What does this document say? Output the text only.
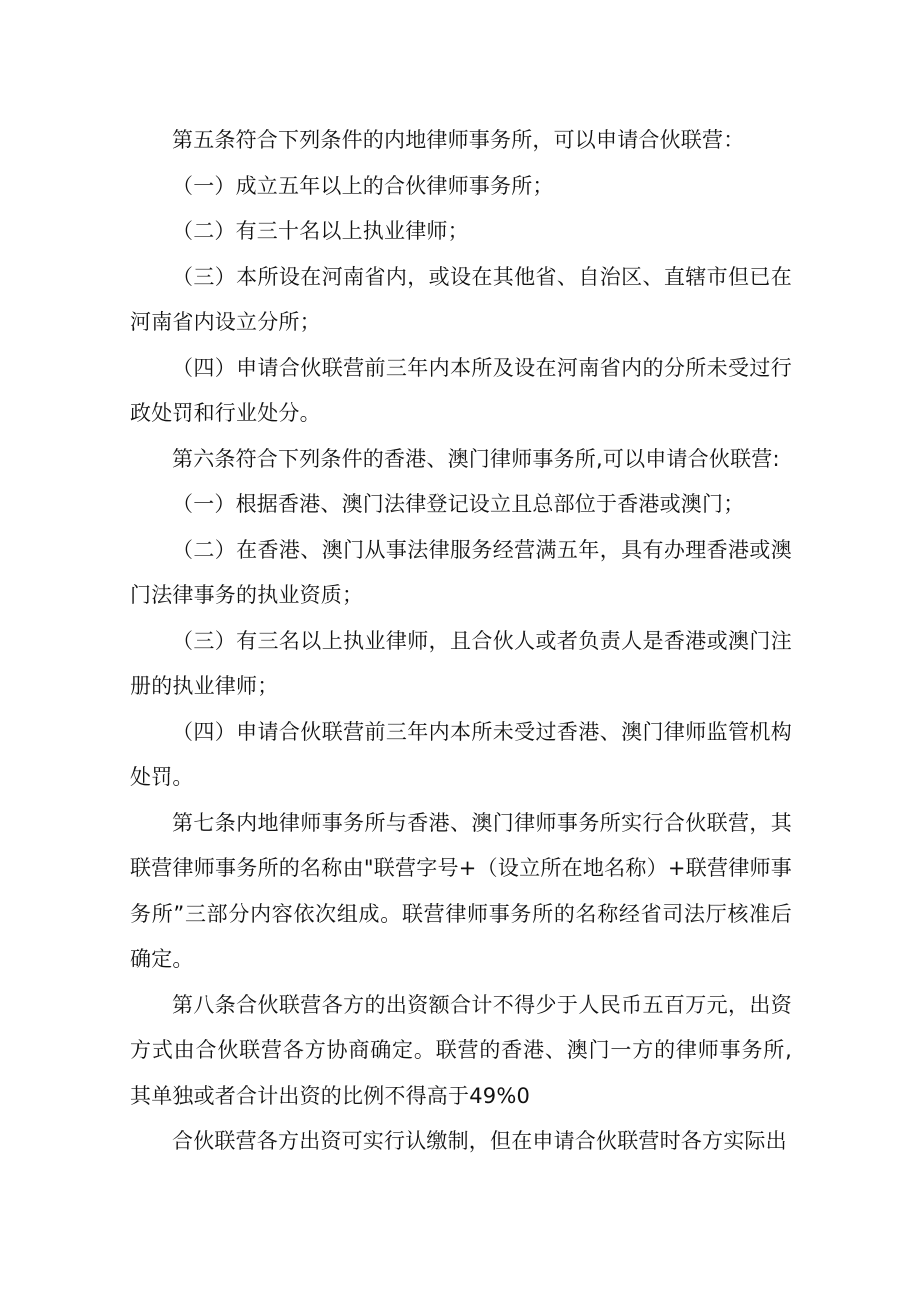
第五条符合下列条件的内地律师事务所，可以申请合伙联营：

（一）成立五年以上的合伙律师事务所；

（二）有三十名以上执业律师；

（三）本所设在河南省内，或设在其他省、自治区、直辖市但已在河南省内设立分所；

（四）申请合伙联营前三年内本所及设在河南省内的分所未受过行政处罚和行业处分。

第六条符合下列条件的香港、澳门律师事务所,可以申请合伙联营:

（一）根据香港、澳门法律登记设立且总部位于香港或澳门；

（二）在香港、澳门从事法律服务经营满五年，具有办理香港或澳门法律事务的执业资质；

（三）有三名以上执业律师，且合伙人或者负责人是香港或澳门注册的执业律师；

（四）申请合伙联营前三年内本所未受过香港、澳门律师监管机构处罚。

第七条内地律师事务所与香港、澳门律师事务所实行合伙联营，其联营律师事务所的名称由"联营字号+（设立所在地名称）+联营律师事务所”三部分内容依次组成。联营律师事务所的名称经省司法厅核准后确定。

第八条合伙联营各方的出资额合计不得少于人民币五百万元，出资方式由合伙联营各方协商确定。联营的香港、澳门一方的律师事务所,其单独或者合计出资的比例不得高于49%0

合伙联营各方出资可实行认缴制，但在申请合伙联营时各方实际出
